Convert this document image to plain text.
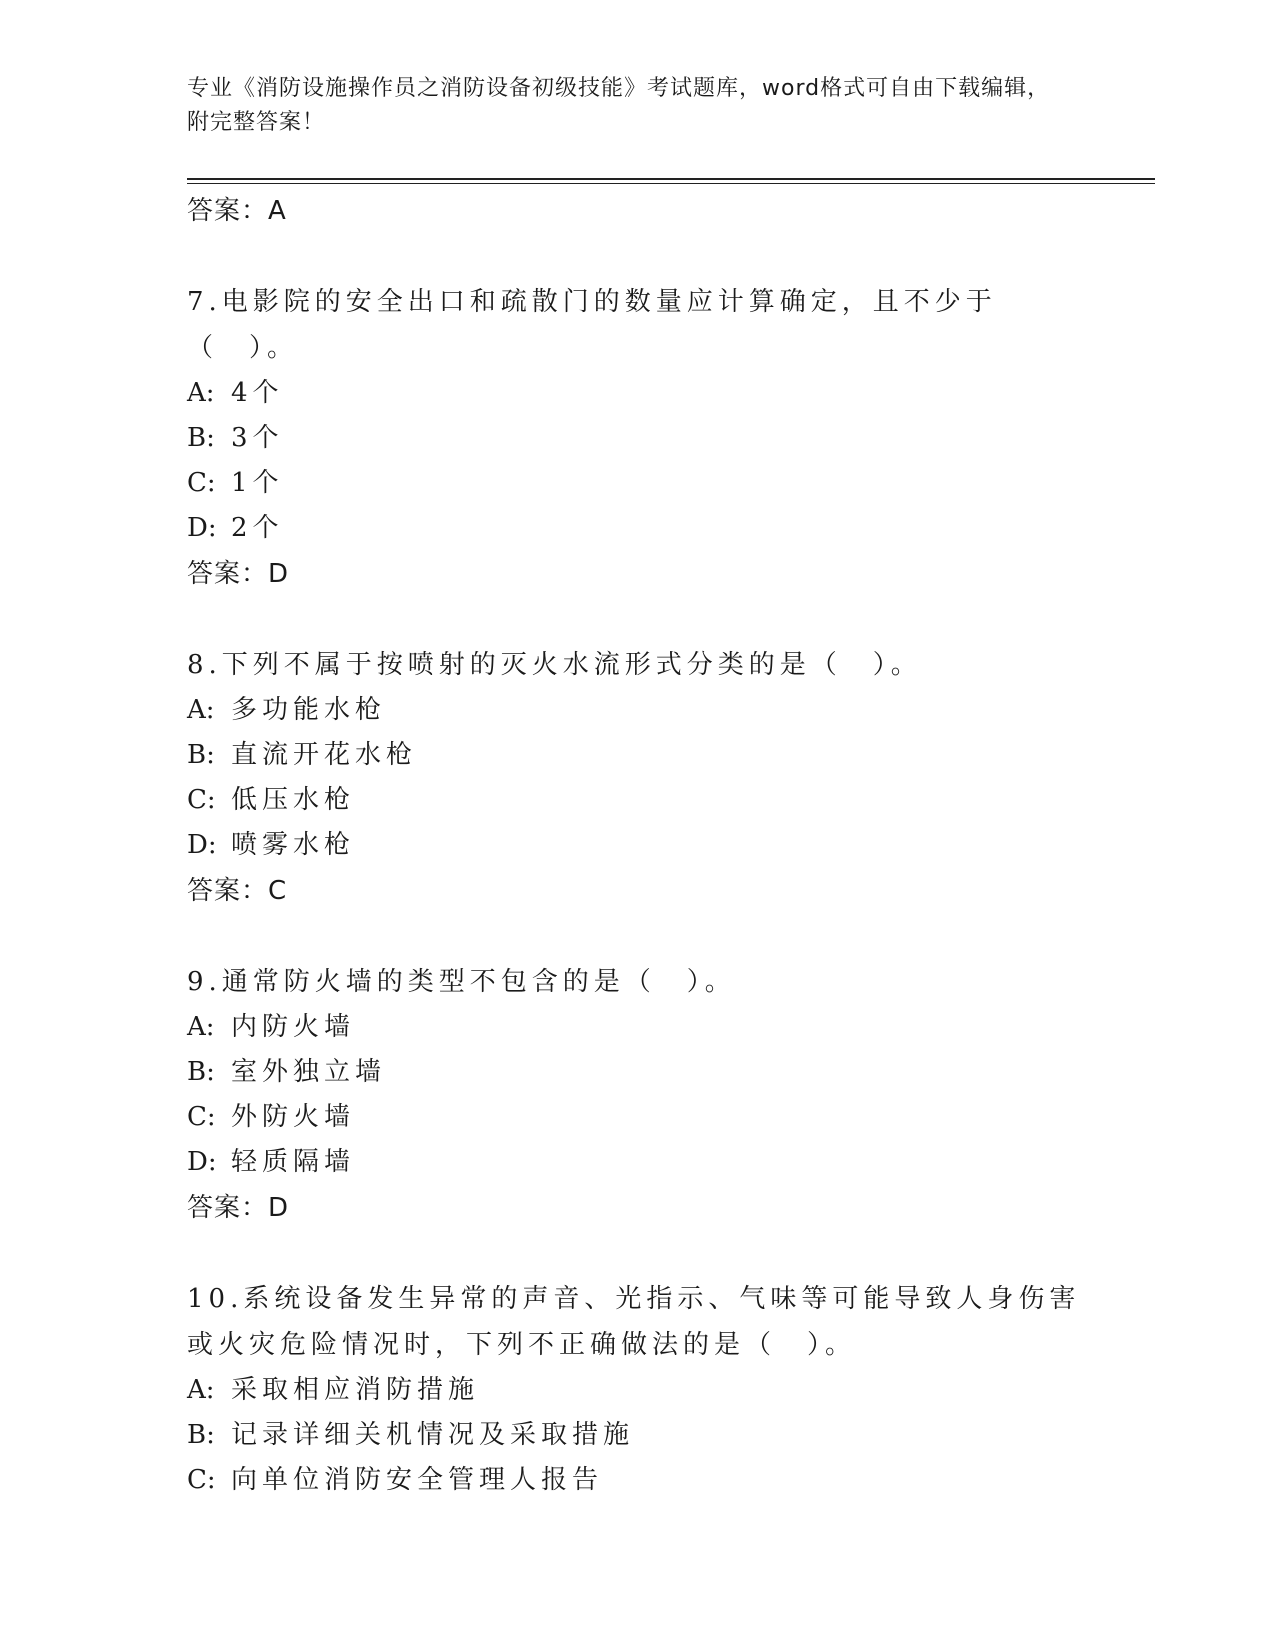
专业《消防设施操作员之消防设备初级技能》考试题库，word格式可自由下载编辑，附完整答案！
答案：A
7.电影院的安全出口和疏散门的数量应计算确定，且不少于（　）。
A: 4个
B: 3个
C: 1个
D: 2个
答案：D
8.下列不属于按喷射的灭火水流形式分类的是（　）。
A: 多功能水枪
B: 直流开花水枪
C: 低压水枪
D: 喷雾水枪
答案：C
9.通常防火墙的类型不包含的是（　）。
A: 内防火墙
B: 室外独立墙
C: 外防火墙
D: 轻质隔墙
答案：D
10.系统设备发生异常的声音、光指示、气味等可能导致人身伤害或火灾危险情况时，下列不正确做法的是（　）。
A: 采取相应消防措施
B: 记录详细关机情况及采取措施
C: 向单位消防安全管理人报告
